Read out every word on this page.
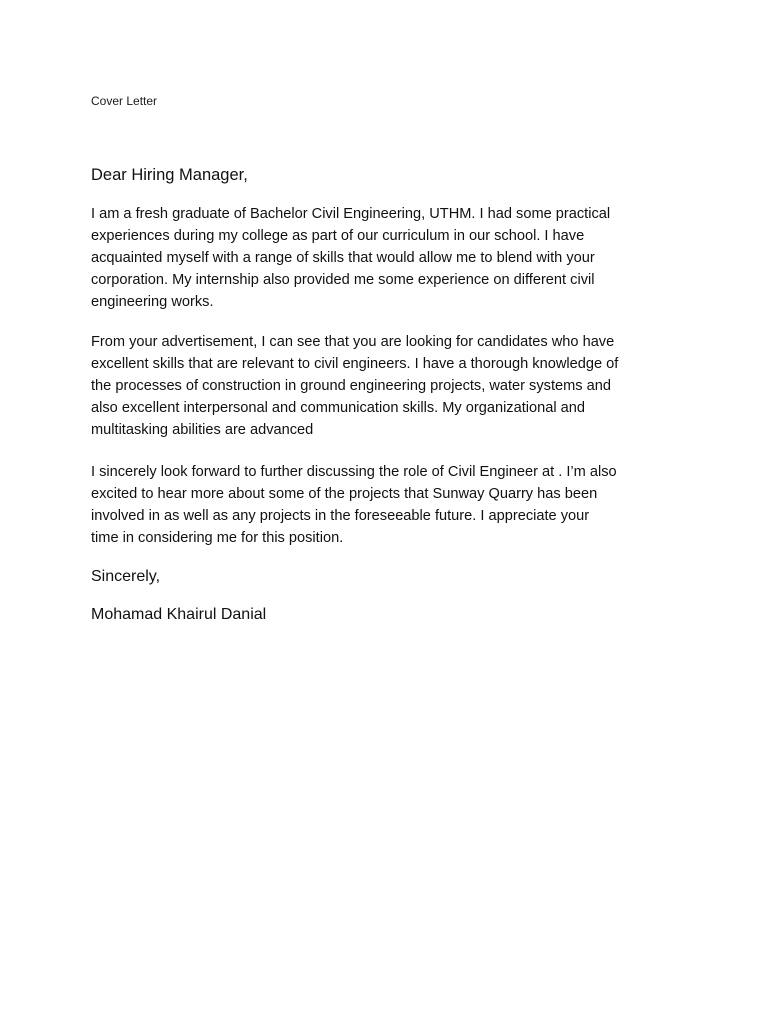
Cover Letter
Dear Hiring Manager,

I am a fresh graduate of Bachelor Civil Engineering, UTHM. I had some practical
experiences during my college as part of our curriculum in our school. I have
acquainted myself with a range of skills that would allow me to blend with your
corporation. My internship also provided me some experience on different civil
engineering works.

From your advertisement, I can see that you are looking for candidates who have
excellent skills that are relevant to civil engineers. I have a thorough knowledge of
the processes of construction in ground engineering projects, water systems and
also excellent interpersonal and communication skills. My organizational and
multitasking abilities are advanced

I sincerely look forward to further discussing the role of Civil Engineer at . I’m also
excited to hear more about some of the projects that Sunway Quarry has been
involved in as well as any projects in the foreseeable future. I appreciate your
time in considering me for this position.

Sincerely,
Mohamad Khairul Danial
